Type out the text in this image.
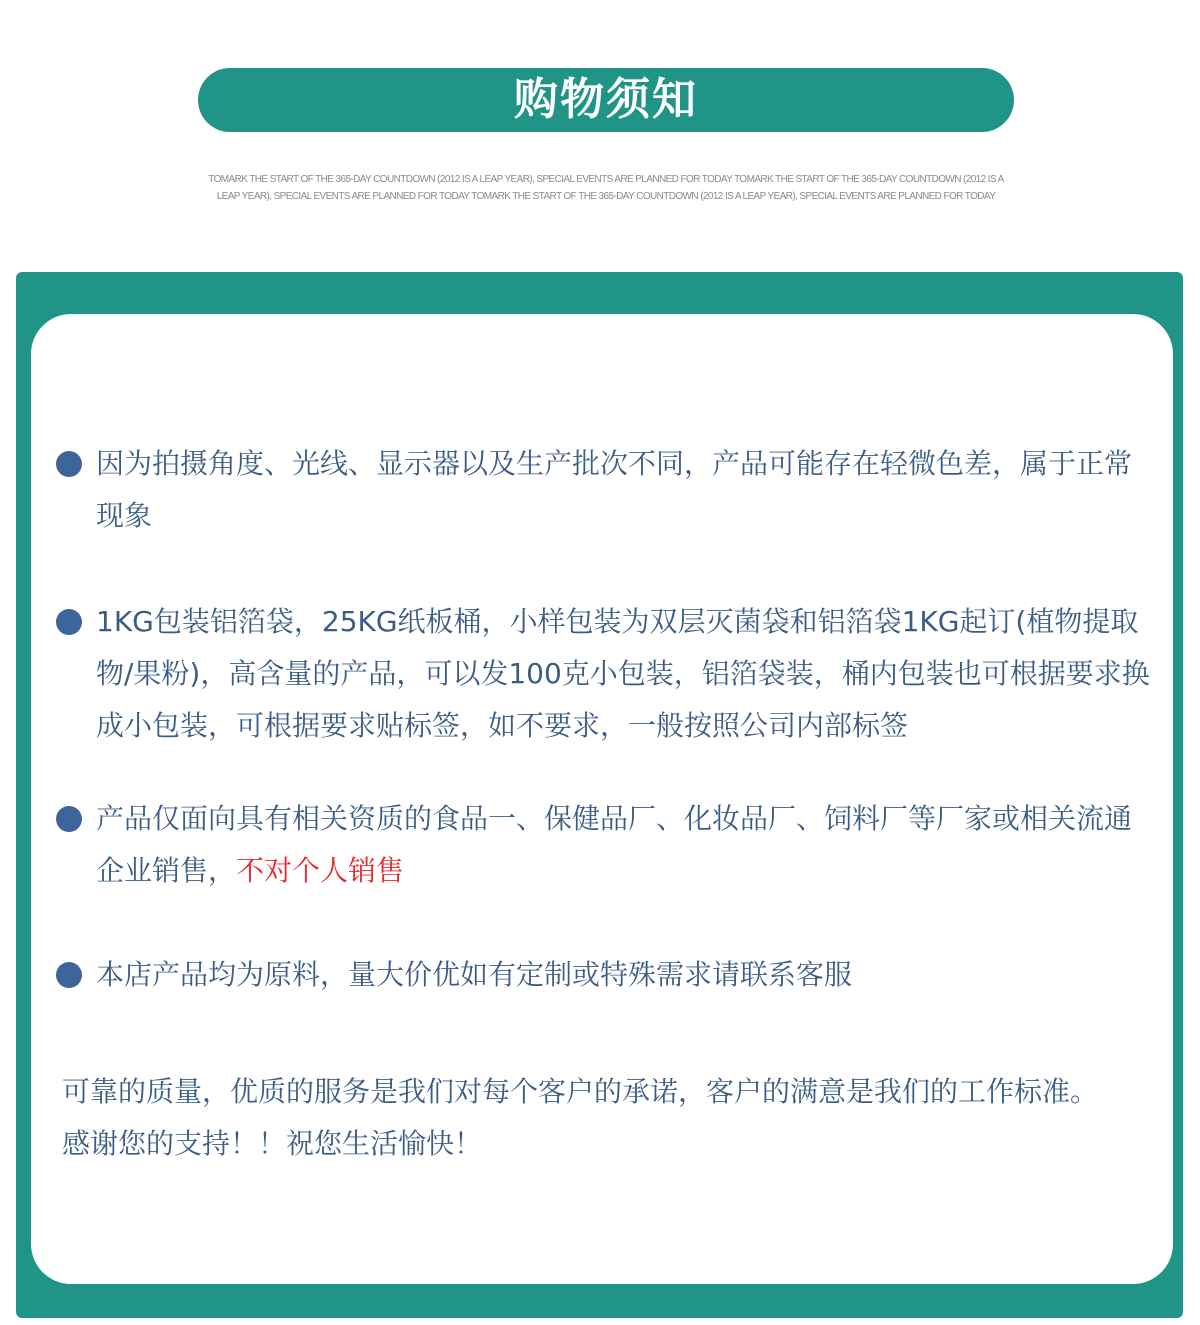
购物须知
TOMARK THE START OF THE 365-DAY COUNTDOWN (2012 IS A LEAP YEAR), SPECIAL EVENTS ARE PLANNED FOR TODAY TOMARK THE START OF THE 365-DAY COUNTDOWN (2012 IS A LEAP YEAR), SPECIAL EVENTS ARE PLANNED FOR TODAY TOMARK THE START OF THE 365-DAY COUNTDOWN (2012 IS A LEAP YEAR), SPECIAL EVENTS ARE PLANNED FOR TODAY
因为拍摄角度、光线、显示器以及生产批次不同，产品可能存在轻微色差，属于正常现象
1KG包装铝箔袋，25KG纸板桶，小样包装为双层灭菌袋和铝箔袋1KG起订(植物提取物/果粉)，高含量的产品，可以发100克小包装，铝箔袋装，桶内包装也可根据要求换成小包装，可根据要求贴标签，如不要求，一般按照公司内部标签
产品仅面向具有相关资质的食品一、保健品厂、化妆品厂、饲料厂等厂家或相关流通企业销售，不对个人销售
本店产品均为原料，量大价优如有定制或特殊需求请联系客服
可靠的质量，优质的服务是我们对每个客户的承诺，客户的满意是我们的工作标准。感谢您的支持！！祝您生活愉快！
